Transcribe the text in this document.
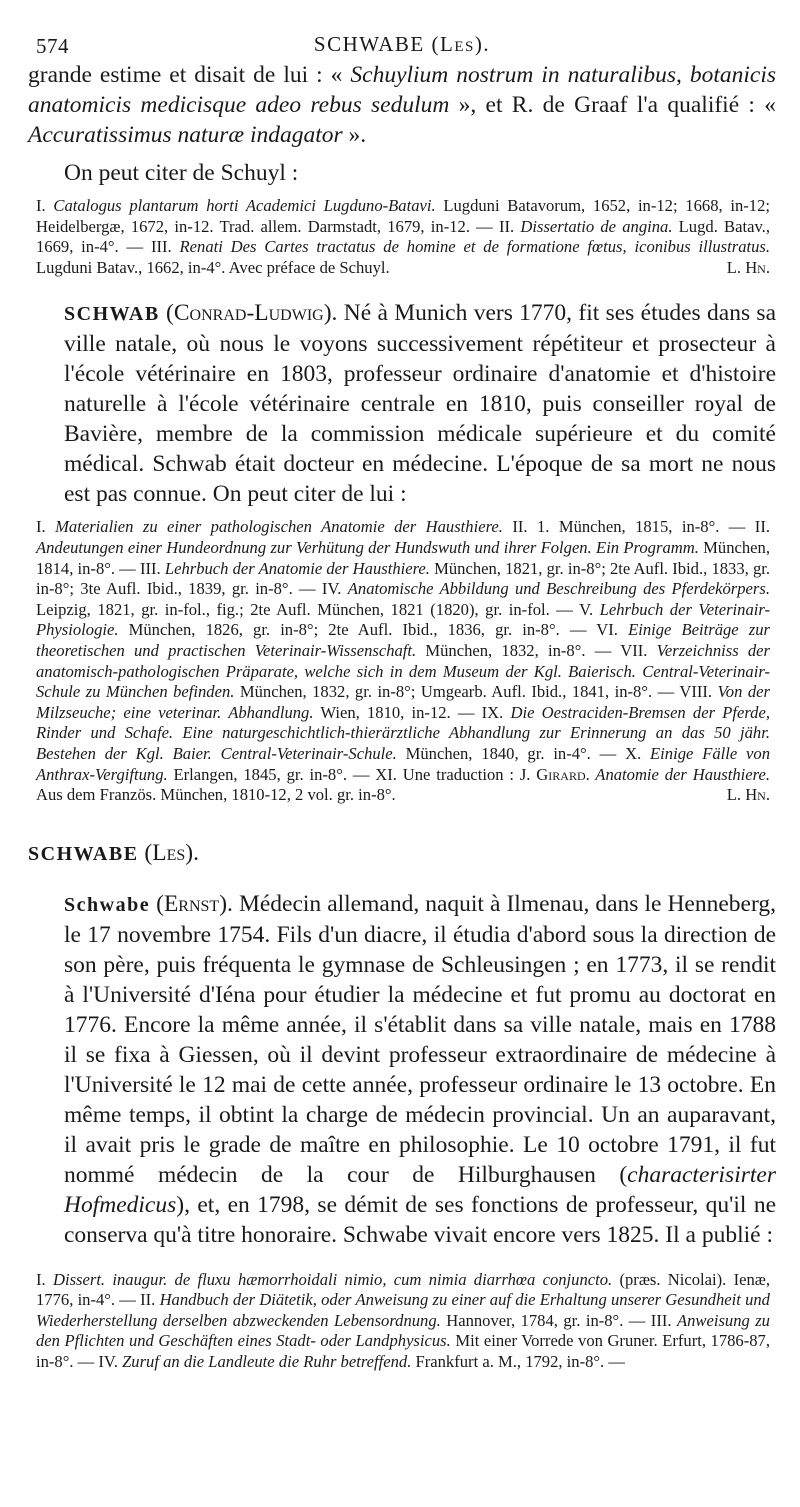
574	SCHWABE (Les).

grande estime et disait de lui : « Schuylium nostrum in naturalibus, botanicis anatomicis medicisque adeo rebus sedulum », et R. de Graaf l'a qualifié : « Accuratissimus naturæ indagator ».

On peut citer de Schuyl :

I. Catalogus plantarum horti Academici Lugduno-Batavi. Lugduni Batavorum, 1652, in-12; 1668, in-12; Heidelbergæ, 1672, in-12. Trad. allem. Darmstadt, 1679, in-12. — II. Dissertatio de angina. Lugd. Batav., 1669, in-4°. — III. Renati Des Cartes tractatus de homine et de formatione fœtus, iconibus illustratus. Lugduni Batav., 1662, in-4°. Avec préface de Schuyl.	L. Hn.

SCHWAB (Conrad-Ludwig). Né à Munich vers 1770, fit ses études dans sa ville natale, où nous le voyons successivement répétiteur et prosecteur à l'école vétérinaire en 1803, professeur ordinaire d'anatomie et d'histoire naturelle à l'école vétérinaire centrale en 1810, puis conseiller royal de Bavière, membre de la commission médicale supérieure et du comité médical. Schwab était docteur en médecine. L'époque de sa mort ne nous est pas connue. On peut citer de lui :

I. Materialien zu einer pathologischen Anatomie der Hausthiere. II. 1. München, 1815, in-8°. — II. Andeutungen einer Hundeordnung zur Verhütung der Hundswuth und ihrer Folgen. Ein Programm. München, 1814, in-8°. — III. Lehrbuch der Anatomie der Hausthiere. München, 1821, gr. in-8°; 2te Aufl. Ibid., 1833, gr. in-8°; 3te Aufl. Ibid., 1839, gr. in-8°. — IV. Anatomische Abbildung und Beschreibung des Pferdekörpers. Leipzig, 1821, gr. in-fol., fig.; 2te Aufl. München, 1821 (1820), gr. in-fol. — V. Lehrbuch der Veterinair-Physiologie. München, 1826, gr. in-8°; 2te Aufl. Ibid., 1836, gr. in-8°. — VI. Einige Beiträge zur theoretischen und practischen Veterinair-Wissenschaft. München, 1832, in-8°. — VII. Verzeichniss der anatomisch-pathologischen Präparate, welche sich in dem Museum der Kgl. Baierisch. Central-Veterinair-Schule zu München befinden. München, 1832, gr. in-8°; Umgearb. Aufl. Ibid., 1841, in-8°. — VIII. Von der Milzseuche; eine veterinar. Abhandlung. Wien, 1810, in-12. — IX. Die Oestraciden-Bremsen der Pferde, Rinder und Schafe. Eine naturgeschichtlich-thierärztliche Abhandlung zur Erinnerung an das 50 jähr. Bestehen der Kgl. Baier. Central-Veterinair-Schule. München, 1840, gr. in-4°. — X. Einige Fälle von Anthrax-Vergiftung. Erlangen, 1845, gr. in-8°. — XI. Une traduction : J. Girard. Anatomie der Hausthiere. Aus dem Französ. München, 1810-12, 2 vol. gr. in-8°.	L. Hn.

SCHWABE (Les).

Schwabe (Ernst). Médecin allemand, naquit à Ilmenau, dans le Henneberg, le 17 novembre 1754. Fils d'un diacre, il étudia d'abord sous la direction de son père, puis fréquenta le gymnase de Schleusingen ; en 1773, il se rendit à l'Université d'Iéna pour étudier la médecine et fut promu au doctorat en 1776. Encore la même année, il s'établit dans sa ville natale, mais en 1788 il se fixa à Giessen, où il devint professeur extraordinaire de médecine à l'Université le 12 mai de cette année, professeur ordinaire le 13 octobre. En même temps, il obtint la charge de médecin provincial. Un an auparavant, il avait pris le grade de maître en philosophie. Le 10 octobre 1791, il fut nommé médecin de la cour de Hilburghausen (characterisirter Hofmedicus), et, en 1798, se démit de ses fonctions de professeur, qu'il ne conserva qu'à titre honoraire. Schwabe vivait encore vers 1825. Il a publié :

I. Dissert. inaugur. de fluxu hæmorrhoidali nimio, cum nimia diarrhœa conjuncto. (præs. Nicolai). Ienæ, 1776, in-4°. — II. Handbuch der Diätetik, oder Anweisung zu einer auf die Erhaltung unserer Gesundheit und Wiederherstellung derselben abzweckenden Lebensordnung. Hannover, 1784, gr. in-8°. — III. Anweisung zu den Pflichten und Geschäften eines Stadt- oder Landphysicus. Mit einer Vorrede von Gruner. Erfurt, 1786-87, in-8°. — IV. Zuruf an die Landleute die Ruhr betreffend. Frankfurt a. M., 1792, in-8°. —
